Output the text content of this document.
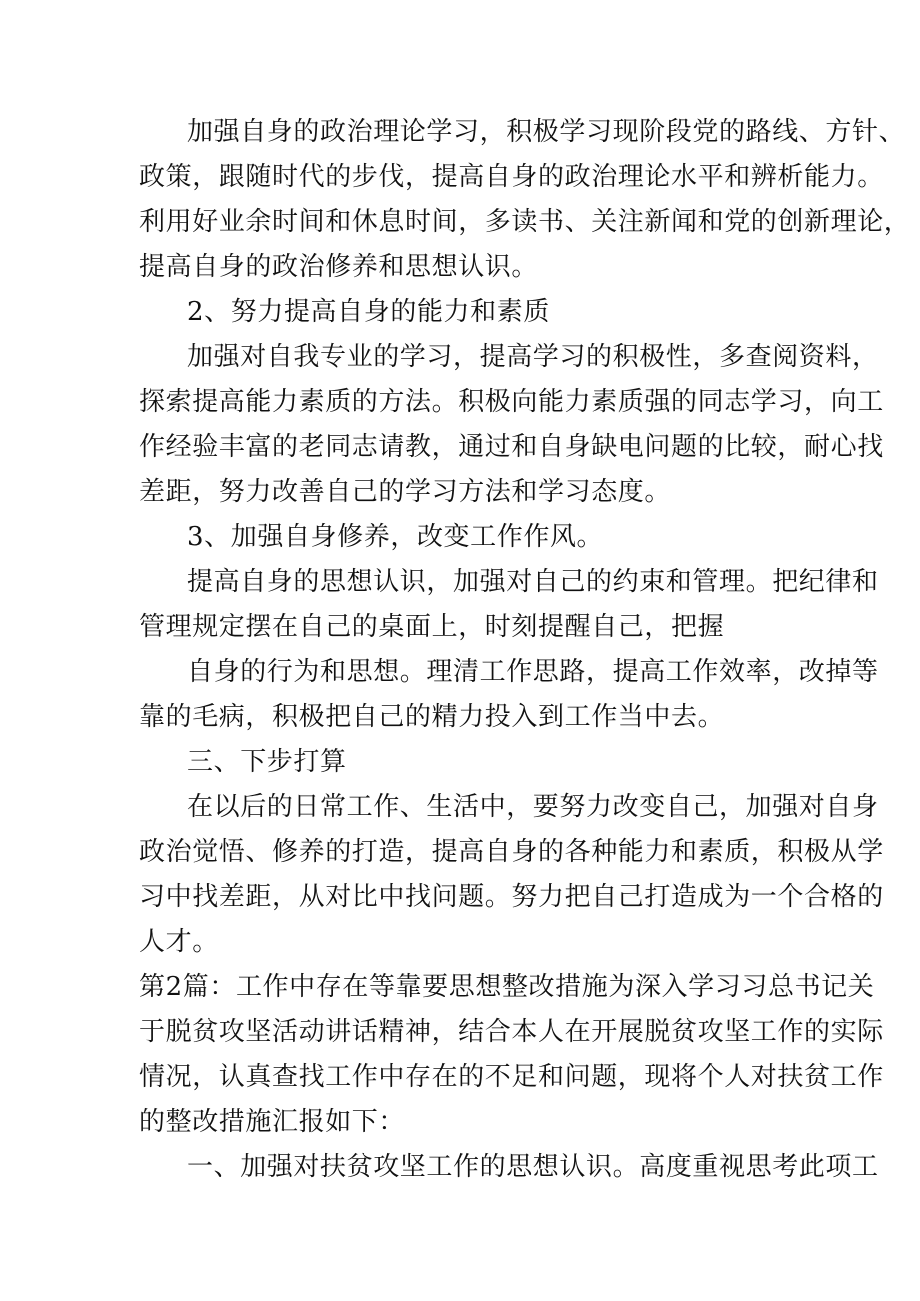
加强自身的政治理论学习，积极学习现阶段党的路线、方针、
政策，跟随时代的步伐，提高自身的政治理论水平和辨析能力。
利用好业余时间和休息时间，多读书、关注新闻和党的创新理论，
提高自身的政治修养和思想认识。
2、努力提高自身的能力和素质
加强对自我专业的学习，提高学习的积极性，多查阅资料，
探索提高能力素质的方法。积极向能力素质强的同志学习，向工
作经验丰富的老同志请教，通过和自身缺电问题的比较，耐心找
差距，努力改善自己的学习方法和学习态度。
3、加强自身修养，改变工作作风。
提高自身的思想认识，加强对自己的约束和管理。把纪律和
管理规定摆在自己的桌面上，时刻提醒自己，把握
自身的行为和思想。理清工作思路，提高工作效率，改掉等
靠的毛病，积极把自己的精力投入到工作当中去。
三、下步打算
在以后的日常工作、生活中，要努力改变自己，加强对自身
政治觉悟、修养的打造，提高自身的各种能力和素质，积极从学
习中找差距，从对比中找问题。努力把自己打造成为一个合格的
人才。
第2篇：工作中存在等靠要思想整改措施为深入学习习总书记关
于脱贫攻坚活动讲话精神，结合本人在开展脱贫攻坚工作的实际
情况，认真查找工作中存在的不足和问题，现将个人对扶贫工作
的整改措施汇报如下：
一、加强对扶贫攻坚工作的思想认识。高度重视思考此项工
